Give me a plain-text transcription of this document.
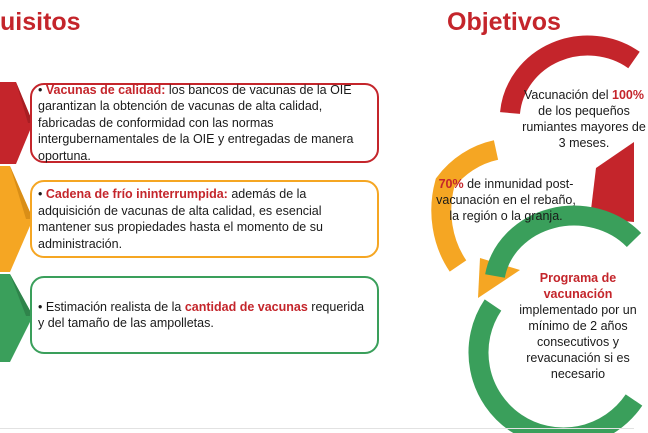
uisitos	Objetivos

• Vacunas de calidad: los bancos de vacunas de la OIE garantizan la obtención de vacunas de alta calidad, fabricadas de conformidad con las normas intergubernamentales de la OIE y entregadas de manera oportuna.

• Cadena de frío ininterrumpida: además de la adquisición de vacunas de alta calidad, es esencial mantener sus propiedades hasta el momento de su administración.

• Estimación realista de la cantidad de vacunas requerida y del tamaño de las ampolletas.

Vacunación del 100% de los pequeños rumiantes mayores de 3 meses.
70% de inmunidad post- vacunación en el rebaño, la región o la granja.
Programa de vacunación
implementado por un mínimo de 2 años consecutivos y revacunación si es necesario
